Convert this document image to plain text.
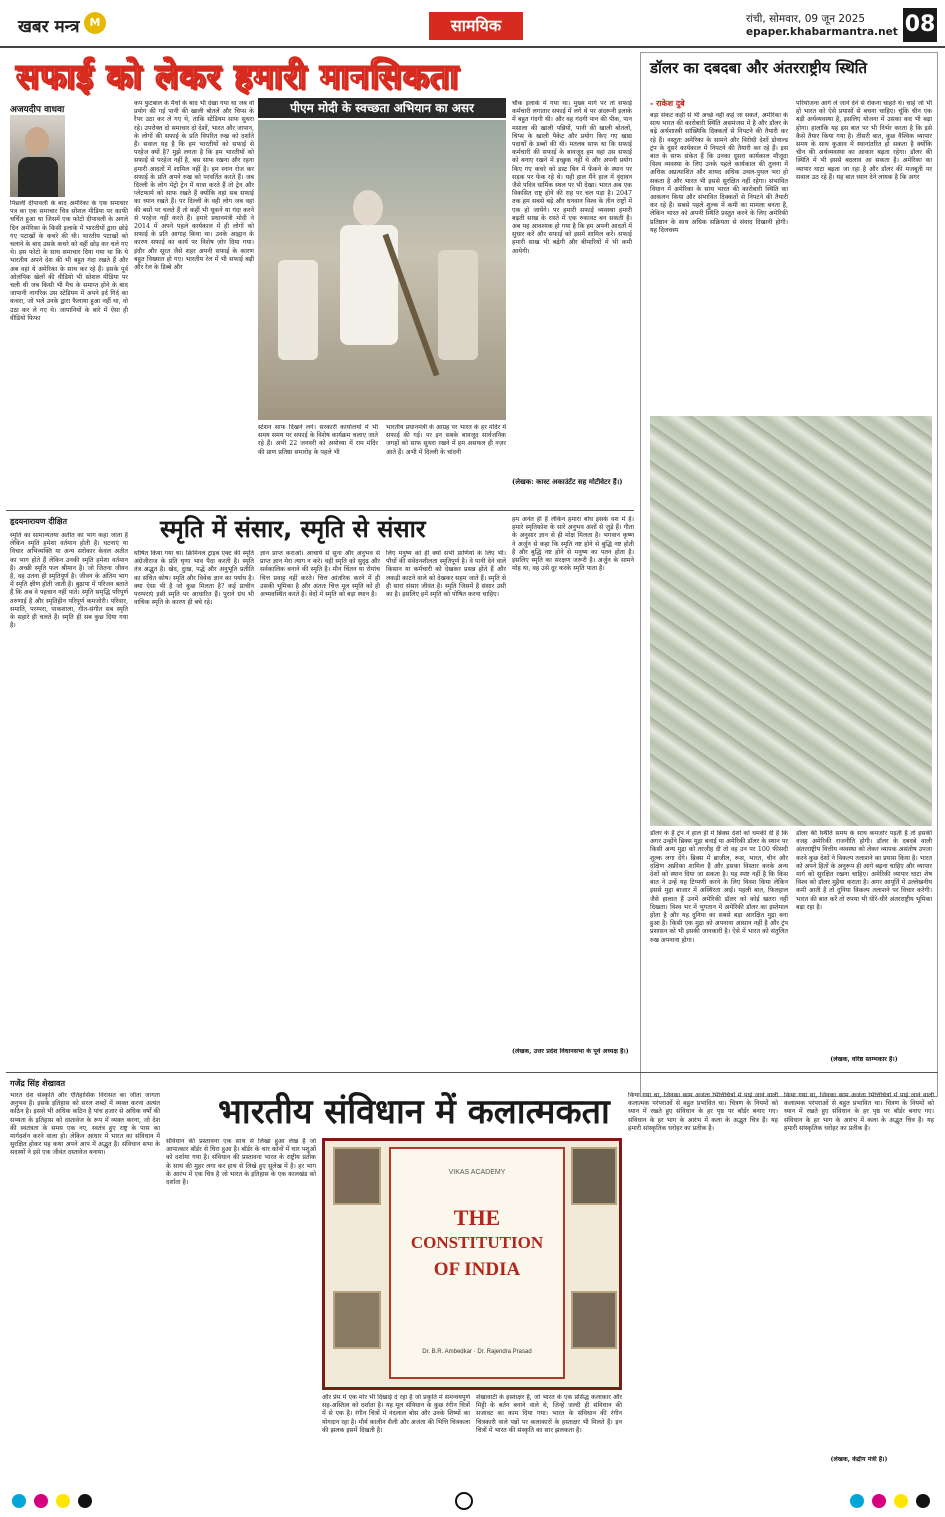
खबर मन्त्र M	सामयिक	रांची, सोमवार, 09 जून 2025
epaper.khabarmantra.net 08
सफाई को लेकर हमारी मानसिकता
अजयदीप वाधवा
पिछली दीपावली के बाद अमेरिका के एक समाचार पत्र का एक समाचार चित्र सोशल मीडिया पर काफी चर्चित हुआ था जिसमें एक फोटो दीपावली के अगले दिन अमेरिका के किसी इलाके में भारतीयों द्वारा छोड़े गए पटाखों के कचरे की थी। भारतीय पटाखों को चलाने के बाद उसके कचरे को वहीं छोड़ कर चले गए थे। इस फोटो के साथ समाचार दिया गया था कि ये भारतीय अपने देश की भी बहुत गंदा रखते हैं और अब वहां ये अमेरिका के साथ कर रहे हैं। इसके पूर्व ओलंपिक खेलों की वीडियो भी सोशल मीडिया पर चली थी जब किसी भी मैच के समाप्त होने के बाद जापानी नागरिक उस स्टेडियम में अपने इर्द गिर्द का कचरा, जो भले उनके द्वारा फैलाया हुआ नहीं था, वो उठा कर ले गए थे। जापानियों के बारे में ऐसा ही वीडियो फिफा
कप फुटबाल के मैचों के बाद भी देखा गया था जब वो प्रयोग की गई पानी की खाली बोतलें और चिप्स के रैपर उठा कर ले गए थे, ताकि स्टेडियम साफ सुथरा रहे। उपरोक्त दो समाचार दो देशों, भारत और जापान, के लोगों की सफाई के प्रति विपरित रुख को दर्शाते हैं। सवाल यह है कि हम भारतीयों को सफाई से परहेज क्यों है? मुझे लगता है कि हम भारतीयों को सफाई से परहेज नहीं है, बस साफ रखना और रहना हमारी आदतों में शामिल नहीं है। हम स्नान रोज कर सफाई के प्रति अपने रुख को परवर्तित करते हैं। जब दिल्ली के लोग मेट्रो ट्रेन में यात्रा करते हैं तो ट्रेन और प्लेटफार्म को साफ रखते हैं क्योंकि वहां सब सफाई का ध्यान रखते हैं। पर दिल्ली के वही लोग जब वहां की बसों पर चलते हैं तो कहीं भी थूकने या गंदा करने से परहेज नहीं करते हैं। हमारे प्रधानमंत्री मोदी ने 2014 में अपने पहले कार्यकाल में ही लोगों को सफाई के प्रति आगाह किया था। उनके आह्वान के कारण सफाई का कार्य पर विशेष ज़ोर दिया गया। इंदौर और सूरत जैसे शहर अपनी सफाई के कारण बहुत विख्यात हो गए। भारतीय रेल में भी सफाई बढ़ी और रेल के डिब्बे और
पीएम मोदी के स्वच्छता अभियान का असर
स्टेशन साफ दिखने लगे। सरकारी कार्यालयों में भी समय समय पर सफाई के विशेष कार्यक्रम चलाए जाते रहे हैं। अभी 22 जनवरी को अयोध्या में राम मंदिर की प्राण प्रतिष्ठा समारोह के पहले भी
भारतीय प्रधानमंत्री के आग्रह पर भारत के हर मंदिर में सफाई की गई। पर इन सबके बावजूद सार्वजनिक जगहों को साफ सुथरा रखने में हम असफल ही नज़र आते हैं। अभी में दिल्ली के चांदनी
चौक इलाके में गया था। मुख्य मार्ग पर तो सफाई कर्मचारी लगातार सफाई में लगे थे पर अंदरूनी इलाके में बहुत गंदगी थी। और वह गंदगी पान की पीक, पान मसाला की खाली पन्नियों, पानी की खाली बोतलों, चिप्स के खाली पैकेट और प्रयोग किए गए खाद्य पदार्थों के डब्बों की थी। मतलब साफ था कि सफाई कर्मचारी की सफाई के बावजूद हम वहां उस सफाई को बनाए रखने में इच्छुक नहीं थे और अपनी प्रयोग किए गए कचरे को डस्ट बिन में फेंकने के स्थान पर सड़क पर फेंक रहे थे। यही हाल मैंने हाल में वृंदावन जैसे पवित्र धार्मिक स्थल पर भी देखा। भारत अब एक विकसित राष्ट्र होने की राह पर चल पड़ा है। 2047 तक हम सबसे बड़े और धनवान विश्व के तीन राष्ट्रों में एक हो जायेंगे। पर हमारी सफाई व्यवस्था हमारी बढ़ती साख के रास्ते में एक रुकावट बन सकती है। अब यह आवश्यक हो गया है कि हम अपनी आदतों में सुधार करें और सफाई को इसमें शामिल करें। सफाई हमारी साख भी बढ़ेगी और बीमारियों में भी कमी आयेगी।
(लेखक: कास्ट अकाउंटेंट सह मोटीवेटर हैं।)
डॉलर का दबदबा और अंतरराष्ट्रीय स्थिति
- राकेश दुबे
बड़ा संकट कहीं से भी अच्छे नहीं कहे जा सकते, अमेरिका के साथ भारत की कारोबारी स्थिति असमंजस में है और डॉलर के बढ़े अर्थशास्त्री सांख्यिकि दिक्कतों से निपटने की तैयारी कर रहे हैं। वस्तुतः अमेरिका के सामने और विरोधी देशों डोनाल्ड ट्रंप के दूसरे कार्यकाल में निपटने की तैयारी कर रहे हैं। इस बात के साफ संकेत हैं कि उनका दूसरा कार्यकाल मौजूदा विश्व व्यवस्था के लिए उनके पहले कार्यकाल की तुलना में अधिक अप्रत्याशित और शायद अधिक उथल-पुथल भरा हो सकता है और भारत भी इससे सुरक्षित नहीं रहेगा। संभावित विधान में अमेरिका के साथ भारत की कारोबारी स्थिति का आकलन किया और संभावित दिक्कतों से निपटने की तैयारी कर रहे हैं। सबसे पहले शुल्क में कमी का मामला बनता है, लेकिन भारत को अपनी स्थिति प्रस्तुत करने के लिए अमेरिकी प्रतिष्ठान के साथ अधिक सक्रियता से संवाद दिखानी होगी। यह दिलचस्प
परियोजना आगे ले जाने देने से रोकना चाहते थे। चाहे जो भी हो भारत को ऐसे प्रयासों से बचना चाहिए। चूंकि चीन एक बड़ी अर्थव्यवस्था है, इसलिए योजना में उसका कद भी बढ़ा होगा। हालांकि यह इस बात पर भी निर्भर करता है कि इसे कैसे तैयार किया गया है। तीसरी बात, कुछ वैश्विक व्यापार समय के साथ कुआव में स्थानांतरित हो सकता है क्योंकि चीन की अर्थव्यवस्था का आकार बढ़ता रहेगा। डॉलर की स्थिति में भी इससे बदलाव आ सकता है। अमेरिका का व्यापार घाटा बढ़ता जा रहा है और डॉलर की मजबूती पर सवाल उठ रहे हैं। यह बात ध्यान देने लायक है कि अगर
डॉलर के हैं ट्रंप ने हाल ही में ब्रिक्स देशों को धमकी दी है कि अगर उन्होंने ब्रिक्स मुद्रा बनाई या अमेरिकी डॉलर के स्थान पर किसी अन्य मुद्रा को तरजीह दी तो वह उन पर 100 फीसदी शुल्क लगा देंगे। ब्रिक्स में ब्राजील, रूस, भारत, चीन और दक्षिण अफ्रीका शामिल हैं और इसका विस्तार करके अन्य देशों को स्थान दिया जा सकता है। यह स्पष्ट नहीं है कि किस बात ने उन्हें यह टिप्पणी करने के लिए विवश किया लेकिन इससे मुद्दा बाजार में अस्थिरता आई। पहली बात, फिलहाल जैसे हालात हैं उनमें अमेरिकी डॉलर को कोई खतरा नहीं दिखता। विश्व भर में भुगतान में अमेरिकी डॉलर का इस्तेमाल होता है और यह दुनिया का सबसे बड़ा आरक्षित मुद्रा बना हुआ है। किसी एक मुद्रा को अपनाना आसान नहीं है और ट्रंप प्रशासन को भी इसकी जानकारी है। ऐसे में भारत को संतुलित रुख अपनाना होगा।
डॉलर की स्थिति समय के साथ कमजोर पड़ती है तो इसकी वजह अमेरिकी राजनीति होगी। डॉलर के दबदबे वाली अंतरराष्ट्रीय वित्तीय व्यवस्था को लेकर व्यापक असंतोष उपजा करने कुछ देशों ने विकल्प तलाशने का प्रयास किया है। भारत को अपने हितों के अनुरूप ही आगे बढ़ना चाहिए और व्यापार मार्ग को सुरक्षित रखना चाहिए। अमेरिकी व्यापार घाटा शेष विश्व को डॉलर मुहैया कराता है। अगर आपूर्ति में उल्लेखनीय कमी आती है तो दुनिया विकल्प तलाशने पर विचार करेगी। भारत की बात करें तो रुपया भी धीरे-धीरे अंतरराष्ट्रीय भूमिका बढ़ा रहा है।
(लेखक, वरिष्ठ स्तम्भकार हैं।)
हृदयनारायण दीक्षित	स्मृति में संसार, स्मृति से संसार
स्मृति का सामान्यतया अतीत का भाग कहा जाता है लेकिन स्मृति हमेशा वर्तमान होती है। घटनाएं या विचार अभिव्यक्ति या अन्य सरोकार केवल अतीत का भाग होते हैं लेकिन उनकी स्मृति हमेशा वर्तमान है। अच्छी स्मृति फल श्रीमान है। जो जितना जीवन है, वह उतना ही स्मृतिपूर्ण है। जीवन के अंतिम भाग में स्मृति क्षीण होती जाती है। बुढ़ापा में परिजन बताते हैं कि अब वे पहचान नहीं पाते। स्मृति समृद्धि परिपूर्ण तरुणाई है और स्मृतिहीन परिपूर्ण कमजोरी। परिवार, समाति, परम्परा, पाकशाला, गीत-संगीत सब स्मृति के सहारे ही चलते हैं। स्मृति ही सब कुछ दिया गया है।
घोषित किया गया था। क्रिमिनल ट्राइब एक्ट की स्मृति अंग्रेजीराज के प्रति घृणा भाव पैदा करती है। स्मृति तंत्र अद्भुत है। खेद, दुःख, पद्धे और अनुभूति प्रतीति का संचित कोष। स्मृति और विवेक ज्ञान का पर्याय है। क्या ऐसा भी है जो कुछ मिलता है? कई प्राचीन परम्पराएं इसी स्मृति पर आधारित हैं। पुराने ग्रंथ भी वाचिक स्मृति के कारण ही बचे रहे।
ज्ञान प्राप्त कराओ। आचार्य से सुना और अनुभव से प्राप्त ज्ञान मेरा त्याग न करे। वही स्मृति को सुदृढ़ और सर्वकालिक बनाने की स्मृति है। मौन चिंतन या रोमांच चित्त प्रवाह नहीं करते। चित्त आंतरिक करने में ही उसकी भूमिका है और अंततः चित्त मूल स्मृति को ही अभ्यवस्थित करते हैं। वेदों में स्मृति को बड़ा स्थान है।
लिए मनुष्य को ही क्यों सभी प्राणियों के लिए भी। पौधों की संवेदनशीलता स्मृतिपूर्ण है। वे पानी देने वाले किसान या कर्मचारी को देखकर प्रसन्न होते हैं और लकड़ी काटने वाले को देखकर सहम जाते हैं। स्मृति से ही सारा संसार जीवंत है। स्मृति जिसमें है संसार उसी का है। इसलिए हमें स्मृति को पोषित करना चाहिए।
हम अनंत ही हैं लेकिन हमारा बोध इसके वश में है। हमारे स्मृतिकोश के सारे अनुभव अंशों से जुड़े हैं। गीता के अनुसार ज्ञान से ही मोक्ष मिलता है। भगवान कृष्ण ने अर्जुन से कहा कि स्मृति नष्ट होने से बुद्धि नष्ट होती है और बुद्धि नष्ट होने से मनुष्य का पतन होता है। इसलिए स्मृति का संरक्षण जरूरी है। अर्जुन के सामने मोह था, वह उसे दूर करके स्मृति पाता है।
(लेखक, उत्तर प्रदेश विधानसभा के पूर्व अध्यक्ष हैं।)
गजेंद्र सिंह शेखावत
भारतीय संविधान में कलात्मकता
भारत देश संस्कृति और ऐतिहासिक विरासत का जीता जागता अनुभव है। इसके इतिहास को सरल शब्दों में व्यक्त करना अत्यंत कठिन है। इससे भी अधिक कठिन है पांच हजार से अधिक वर्षों की सभ्यता के इतिहास को दस्तावेज के रूप में व्यक्त करना, जो देश की स्वतंत्रता के समय एक नए, स्वतंत्र हुए राष्ट्र के पास का मार्गदर्शन करने वाला हो। लेकिन आधार में भारत का संविधान में सुरक्षित होकर यह कथा अपने आप में अद्भुत है। संविधान सभा के सदस्यों ने इसे एक जीवंत दस्तावेज बनाया।
संविधान की प्रस्तावना एक साथ से लिखा हुआ लेख है जो आपात्कार बॉर्डर से घिरा हुआ है। बॉर्डर के चार कोनों में चार पशुओं को दर्शाया गया है। संविधान की प्रस्तावना भारत के राष्ट्रीय प्रतीक के साथ की मुहर लगा कर हाथ से लिखे हुए सुलेख में है। हर भाग के आरंभ में एक चित्र है जो भारत के इतिहास के एक कालखंड को दर्शाता है।
VIKAS ACADEMY
THE
CONSTITUTION
OF INDIA
Dr. B.R. Ambedkar · Dr. Rajendra Prasad
और प्रेम में एक मोर भी दिखाई दे रहा है जो प्रकृति में समन्वयपूर्ण सह-अस्तित्व को दर्शाता है। यह मूल संविधान के कुछ रंगीन चित्रों में से एक है। रंगीन चित्रों में नंदलाल बोस और उनके शिष्यों का योगदान रहा है। मौर्य कालीन शैली और अजंता की भित्ति चित्रकला की झलक इसमें दिखती है।
शेखावाटी के हस्ताक्षर हैं, जो भारत के एक प्रसिद्ध कलाकार और मिट्टी के बर्तन बनाने वाले थे, जिन्हें जल्दी ही संविधान की सजावट का काम दिया गया। भारत के संविधान की रंगीन चित्रकारी वाले पन्नों पर कलाकारों के हस्ताक्षर भी मिलते हैं। इन चित्रों में भारत की संस्कृति का सार झलकता है।
किया गया था, जिनका काम अजंता भित्तिचित्रों में पाई जाने वाली कलात्मक परंपराओं से बहुत प्रभावित था। चित्रण के नियमों को ध्यान में रखते हुए संविधान के हर पृष्ठ पर बॉर्डर बनाए गए। संविधान के हर भाग के आरंभ में कला के अद्भुत चित्र हैं। यह हमारी सांस्कृतिक धरोहर का प्रतीक है।
किया गया था, जिनका काम अजंता भित्तिचित्रों में पाई जाने वाली कलात्मक परंपराओं से बहुत प्रभावित था। चित्रण के नियमों को ध्यान में रखते हुए संविधान के हर पृष्ठ पर बॉर्डर बनाए गए। संविधान के हर भाग के आरंभ में कला के अद्भुत चित्र हैं। यह हमारी सांस्कृतिक धरोहर का प्रतीक है।
(लेखक, केंद्रीय मंत्री हैं।)
